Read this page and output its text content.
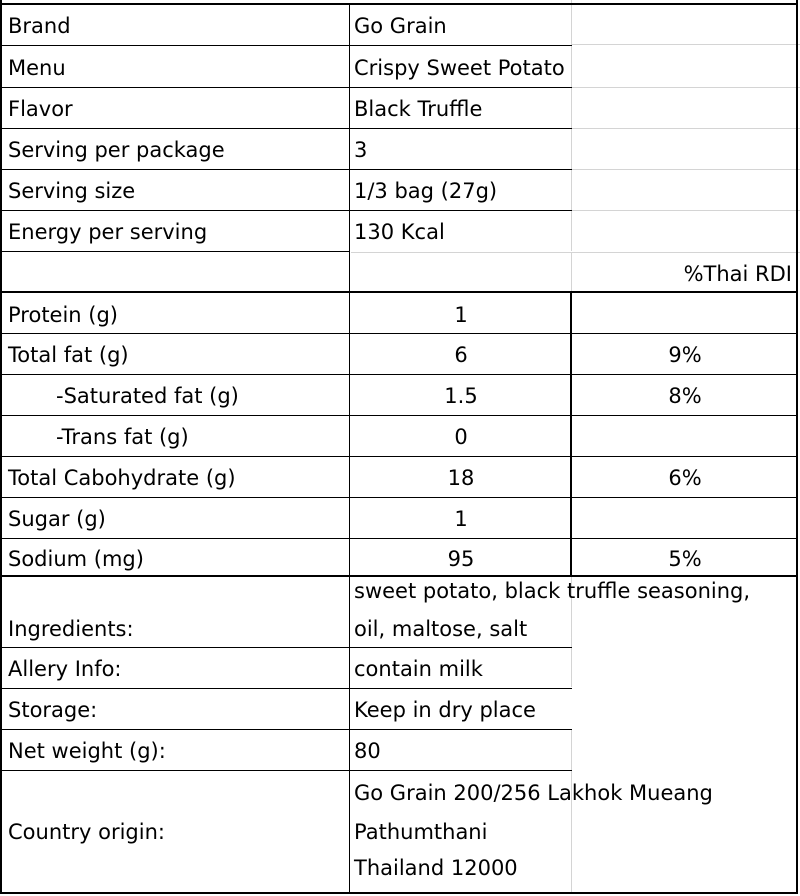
Brand	Go Grain
Menu	Crispy Sweet Potato
Flavor	Black Truffle
Serving per package	3
Serving size	1/3 bag (27g)
Energy per serving	130 Kcal
%Thai RDI
Protein (g)	1
Total fat (g)	6	9%
-Saturated fat (g)	1.5	8%
-Trans fat (g)	0
Total Cabohydrate (g)	18	6%
Sugar (g)	1
Sodium (mg)	95	5%
sweet potato, black truffle seasoning,
Ingredients:	oil, maltose, salt
Allery Info:	contain milk
Storage:	Keep in dry place
Net weight (g):	80
Go Grain 200/256 Lakhok Mueang
Country origin:	Pathumthani
Thailand 12000
